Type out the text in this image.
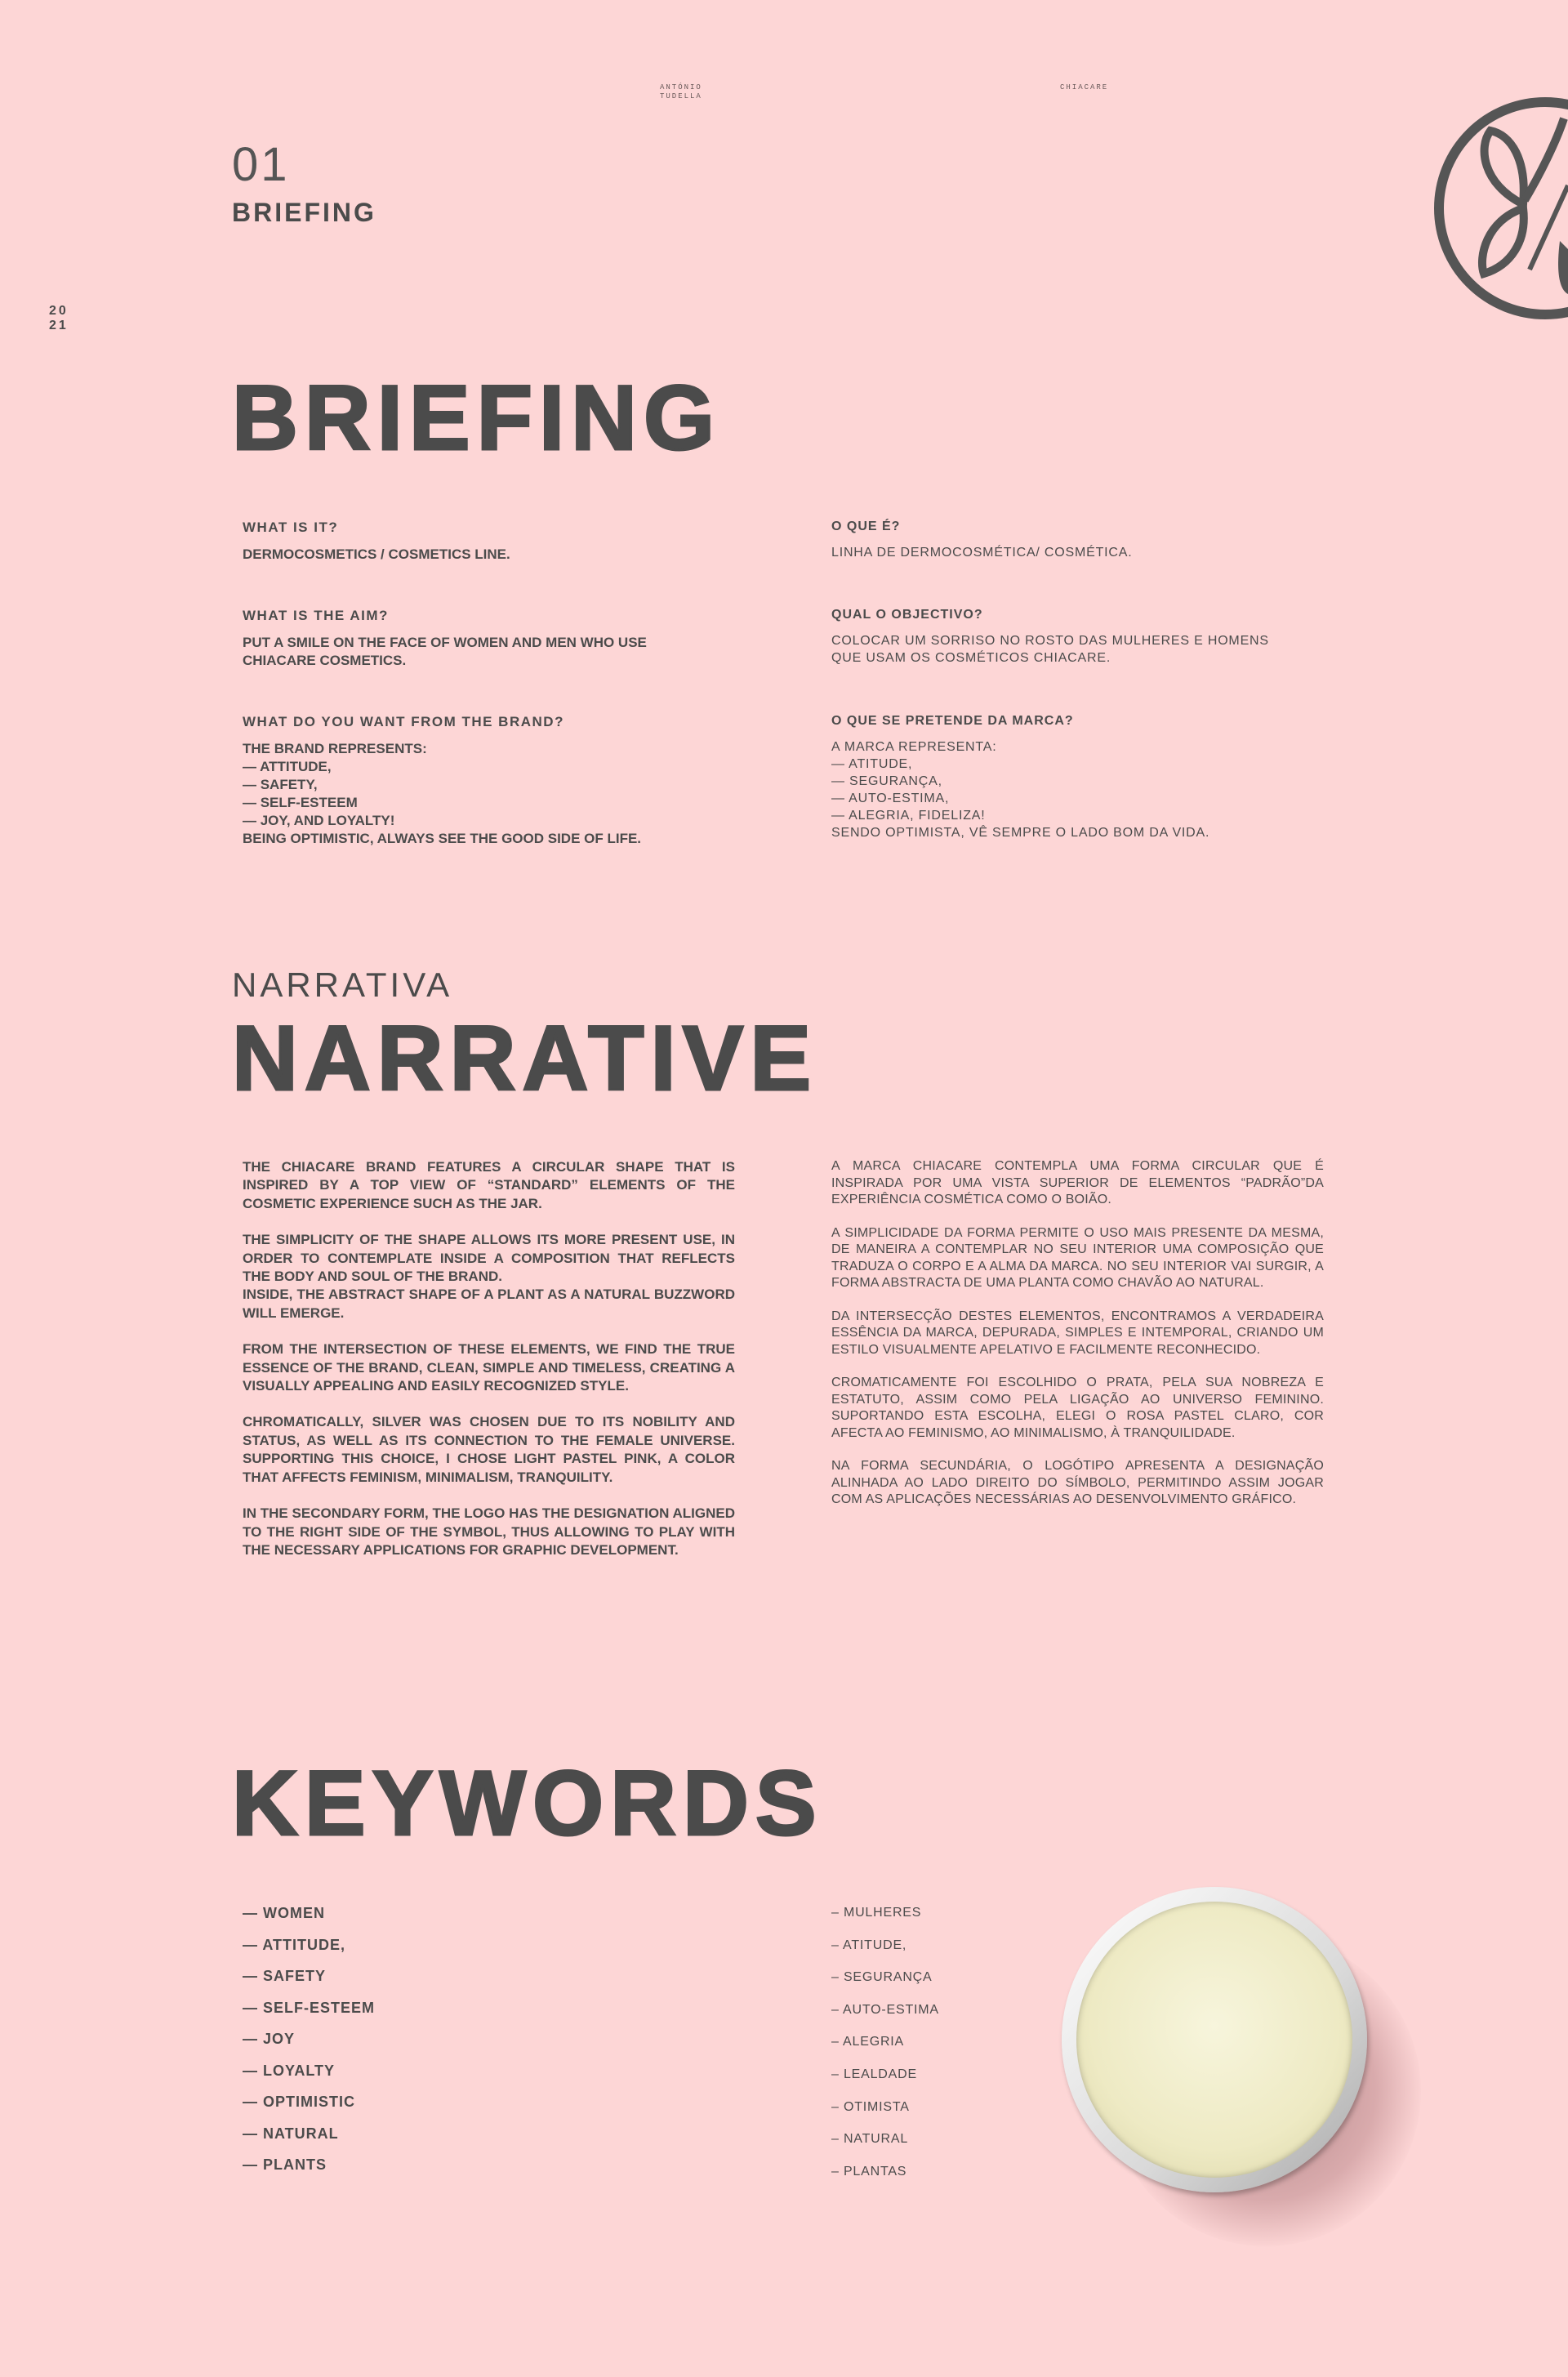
ANTÓNIO
TUDELLA
CHIACARE
01
BRIEFING
20
21
BRIEFING

WHAT IS IT?

DERMOCOSMETICS / COSMETICS LINE.

WHAT IS THE AIM?

PUT A SMILE ON THE FACE OF WOMEN AND MEN WHO USE
CHIACARE COSMETICS.

WHAT DO YOU WANT FROM THE BRAND?

THE BRAND REPRESENTS:
— ATTITUDE,
— SAFETY,
— SELF-ESTEEM
— JOY, AND LOYALTY!
BEING OPTIMISTIC, ALWAYS SEE THE GOOD SIDE OF LIFE.

O QUE É?

LINHA DE DERMOCOSMÉTICA/ COSMÉTICA.

QUAL O OBJECTIVO?

COLOCAR UM SORRISO NO ROSTO DAS MULHERES E HOMENS
QUE USAM OS COSMÉTICOS CHIACARE.

O QUE SE PRETENDE DA MARCA?

A MARCA REPRESENTA:
— ATITUDE,
— SEGURANÇA,
— AUTO-ESTIMA,
— ALEGRIA, FIDELIZA!
SENDO OPTIMISTA, VÊ SEMPRE O LADO BOM DA VIDA.

NARRATIVA
NARRATIVE

THE CHIACARE BRAND FEATURES A CIRCULAR SHAPE THAT IS INSPIRED BY A TOP VIEW OF “STANDARD” ELEMENTS OF THE COSMETIC EXPERIENCE SUCH AS THE JAR.

THE SIMPLICITY OF THE SHAPE ALLOWS ITS MORE PRESENT USE, IN ORDER TO CONTEMPLATE INSIDE A COMPOSITION THAT REFLECTS THE BODY AND SOUL OF THE BRAND.

INSIDE, THE ABSTRACT SHAPE OF A PLANT AS A NATURAL BUZZWORD WILL EMERGE.

FROM THE INTERSECTION OF THESE ELEMENTS, WE FIND THE TRUE ESSENCE OF THE BRAND, CLEAN, SIMPLE AND TIMELESS, CREATING A VISUALLY APPEALING AND EASILY RECOGNIZED STYLE.

CHROMATICALLY, SILVER WAS CHOSEN DUE TO ITS NOBILITY AND STATUS, AS WELL AS ITS CONNECTION TO THE FEMALE UNIVERSE. SUPPORTING THIS CHOICE, I CHOSE LIGHT PASTEL PINK, A COLOR THAT AFFECTS FEMINISM, MINIMALISM, TRANQUILITY.

IN THE SECONDARY FORM, THE LOGO HAS THE DESIGNATION ALIGNED TO THE RIGHT SIDE OF THE SYMBOL, THUS ALLOWING TO PLAY WITH THE NECESSARY APPLICATIONS FOR GRAPHIC DEVELOPMENT.

A MARCA CHIACARE CONTEMPLA UMA FORMA CIRCULAR QUE É INSPIRADA POR UMA VISTA SUPERIOR DE ELEMENTOS “PADRÃO”DA EXPERIÊNCIA COSMÉTICA COMO O BOIÃO.

A SIMPLICIDADE DA FORMA PERMITE O USO MAIS PRESENTE DA MESMA, DE MANEIRA A CONTEMPLAR NO SEU INTERIOR UMA COMPOSIÇÃO QUE TRADUZA O CORPO E A ALMA DA MARCA. NO SEU INTERIOR VAI SURGIR, A FORMA ABSTRACTA DE UMA PLANTA COMO CHAVÃO AO NATURAL.

DA INTERSECÇÃO DESTES ELEMENTOS, ENCONTRAMOS A VERDADEIRA ESSÊNCIA DA MARCA, DEPURADA, SIMPLES E INTEMPORAL, CRIANDO UM ESTILO VISUALMENTE APELATIVO E FACILMENTE RECONHECIDO.

CROMATICAMENTE FOI ESCOLHIDO O PRATA, PELA SUA NOBREZA E ESTATUTO, ASSIM COMO PELA LIGAÇÃO AO UNIVERSO FEMININO. SUPORTANDO ESTA ESCOLHA, ELEGI O ROSA PASTEL CLARO, COR AFECTA AO FEMINISMO, AO MINIMALISMO, À TRANQUILIDADE.

NA FORMA SECUNDÁRIA, O LOGÓTIPO APRESENTA A DESIGNAÇÃO ALINHADA AO LADO DIREITO DO SÍMBOLO, PERMITINDO ASSIM JOGAR COM AS APLICAÇÕES NECESSÁRIAS AO DESENVOLVIMENTO GRÁFICO.

KEYWORDS
— WOMEN
— ATTITUDE,
— SAFETY
— SELF-ESTEEM
— JOY
— LOYALTY
— OPTIMISTIC
— NATURAL
— PLANTS
– MULHERES
– ATITUDE,
– SEGURANÇA
– AUTO-ESTIMA
– ALEGRIA
– LEALDADE
– OTIMISTA
– NATURAL
– PLANTAS
